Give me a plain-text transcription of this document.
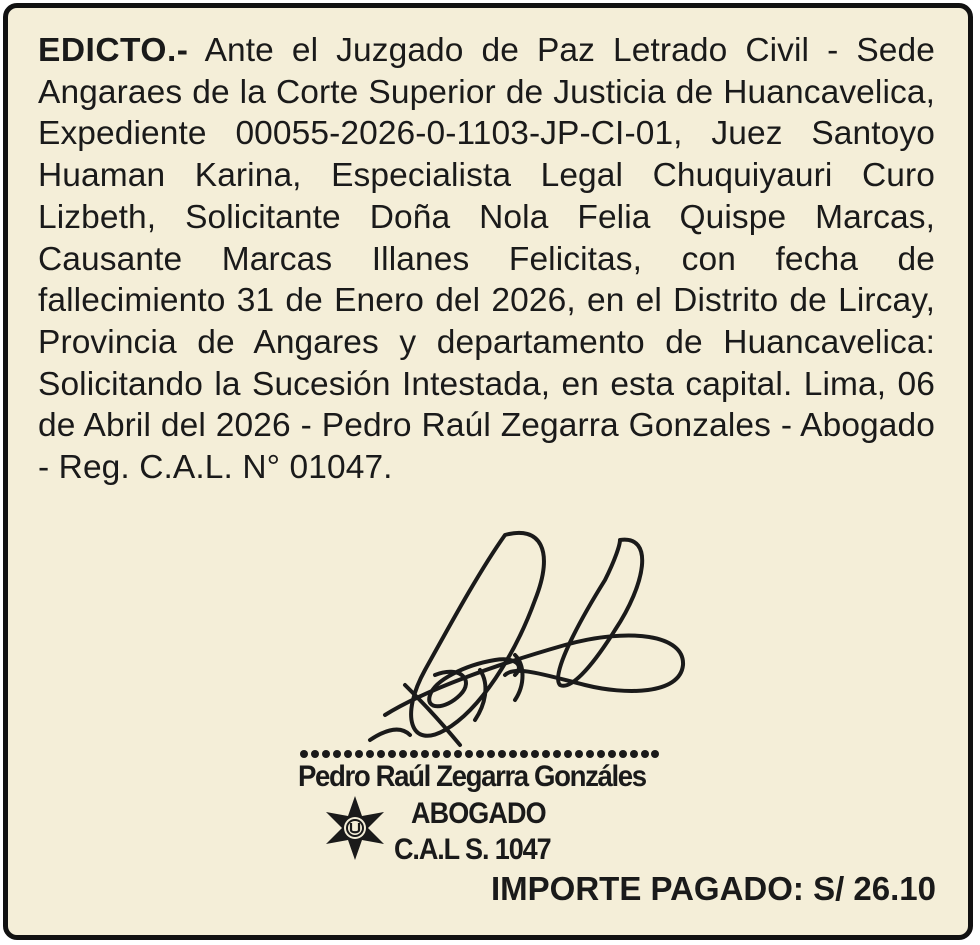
EDICTO.- Ante el Juzgado de Paz Letrado Civil - Sede Angaraes de la Corte Superior de Justicia de Huancavelica, Expediente 00055-2026-0-1103-JP-CI-01, Juez Santoyo Huaman Karina, Especialista Legal Chuquiyauri Curo Lizbeth, Solicitante Doña Nola Felia Quispe Marcas, Causante Marcas Illanes Felicitas, con fecha de fallecimiento 31 de Enero del 2026, en el Distrito de Lircay, Provincia de Angares y departamento de Huancavelica: Solicitando la Sucesión Intestada, en esta capital. Lima, 06 de Abril del 2026 - Pedro Raúl Zegarra Gonzales - Abogado - Reg. C.A.L. N° 01047.

Pedro Raúl Zegarra Gonzáles
ABOGADO
C.A.L S. 1047
IMPORTE PAGADO: S/ 26.10
